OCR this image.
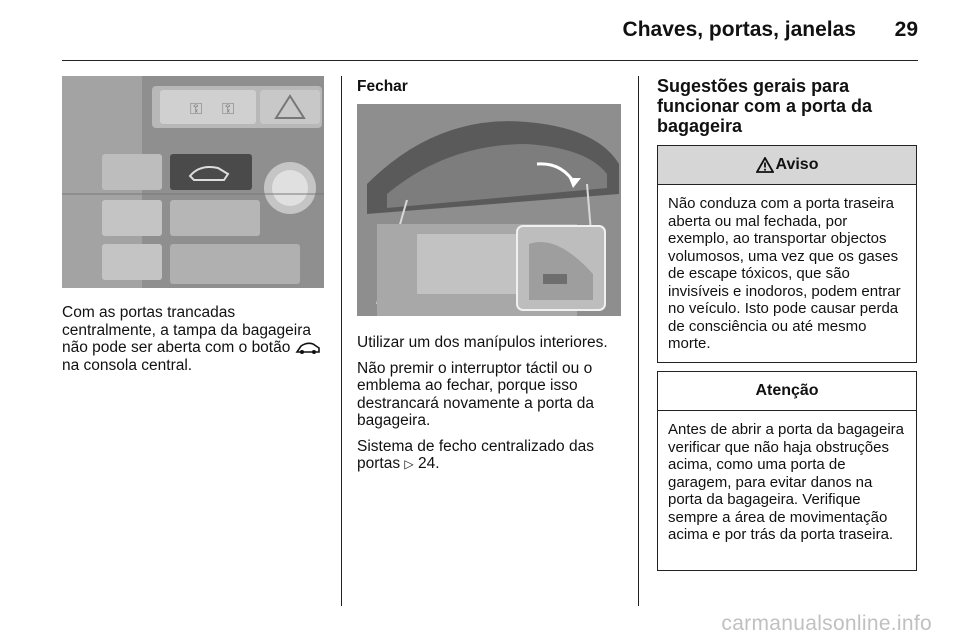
Chaves, portas, janelas 29
⚿ ⚿

Com as portas trancadas centralmente, a tampa da bagageira não pode ser aberta com o botão  na consola central.

Fechar

Utilizar um dos manípulos interiores.

Não premir o interruptor táctil ou o emblema ao fechar, porque isso destrancará novamente a porta da bagageira.

Sistema de fecho centralizado das portas ▷ 24.

Sugestões gerais para funcionar com a porta da bagageira
Aviso
Não conduza com a porta traseira aberta ou mal fechada, por exemplo, ao transportar objectos volumosos, uma vez que os gases de escape tóxicos, que são invisíveis e inodoros, podem entrar no veículo. Isto pode causar perda de consciência ou até mesmo morte.
Atenção
Antes de abrir a porta da bagageira verificar que não haja obstruções acima, como uma porta de garagem, para evitar danos na porta da bagageira. Verifique sempre a área de movimentação acima e por trás da porta traseira.
carmanualsonline.info
